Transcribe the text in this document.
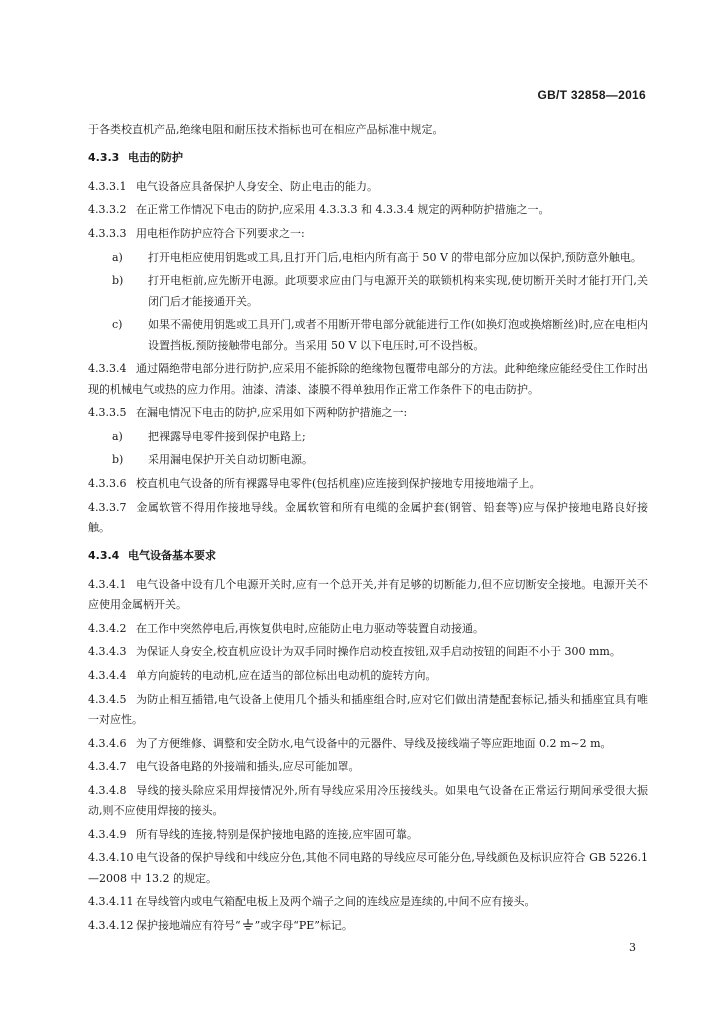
GB/T 32858—2016

于各类校直机产品,绝缘电阻和耐压技术指标也可在相应产品标准中规定。

4.3.3 电击的防护
4.3.3.1 电气设备应具备保护人身安全、防止电击的能力。
4.3.3.2 在正常工作情况下电击的防护,应采用 4.3.3.3 和 4.3.3.4 规定的两种防护措施之一。
4.3.3.3 用电柜作防护应符合下列要求之一:
a)	打开电柜应使用钥匙或工具,且打开门后,电柜内所有高于 50 V 的带电部分应加以保护,预防意外触电。
b)	打开电柜前,应先断开电源。此项要求应由门与电源开关的联锁机构来实现,使切断开关时才能打开门,关闭门后才能接通开关。
c)	如果不需使用钥匙或工具开门,或者不用断开带电部分就能进行工作(如换灯泡或换熔断丝)时,应在电柜内设置挡板,预防接触带电部分。当采用 50 V 以下电压时,可不设挡板。

4.3.3.4 通过隔绝带电部分进行防护,应采用不能拆除的绝缘物包覆带电部分的方法。此种绝缘应能经受住工作时出现的机械电气或热的应力作用。油漆、清漆、漆膜不得单独用作正常工作条件下的电击防护。

4.3.3.5 在漏电情况下电击的防护,应采用如下两种防护措施之一:
a)	把裸露导电零件接到保护电路上;
b)	采用漏电保护开关自动切断电源。
4.3.3.6 校直机电气设备的所有裸露导电零件(包括机座)应连接到保护接地专用接地端子上。

4.3.3.7 金属软管不得用作接地导线。金属软管和所有电缆的金属护套(钢管、铅套等)应与保护接地电路良好接触。

4.3.4 电气设备基本要求

4.3.4.1 电气设备中设有几个电源开关时,应有一个总开关,并有足够的切断能力,但不应切断安全接地。电源开关不应使用金属柄开关。

4.3.4.2 在工作中突然停电后,再恢复供电时,应能防止电力驱动等装置自动接通。

4.3.4.3 为保证人身安全,校直机应设计为双手同时操作启动校直按钮,双手启动按钮的间距不小于 300 mm。

4.3.4.4 单方向旋转的电动机,应在适当的部位标出电动机的旋转方向。

4.3.4.5 为防止相互插错,电气设备上使用几个插头和插座组合时,应对它们做出清楚配套标记,插头和插座宜具有唯一对应性。

4.3.4.6 为了方便维修、调整和安全防水,电气设备中的元器件、导线及接线端子等应距地面 0.2 m~2 m。

4.3.4.7 电气设备电路的外接端和插头,应尽可能加罩。

4.3.4.8 导线的接头除应采用焊接情况外,所有导线应采用冷压接线头。如果电气设备在正常运行期间承受很大振动,则不应使用焊接的接头。

4.3.4.9 所有导线的连接,特别是保护接地电路的连接,应牢固可靠。

4.3.4.10 电气设备的保护导线和中线应分色,其他不同电路的导线应尽可能分色,导线颜色及标识应符合 GB 5226.1—2008 中 13.2 的规定。

4.3.4.11 在导线管内或电气箱配电板上及两个端子之间的连线应是连续的,中间不应有接头。

4.3.4.12 保护接地端应有符号“ ”或字母“PE”标记。

3
